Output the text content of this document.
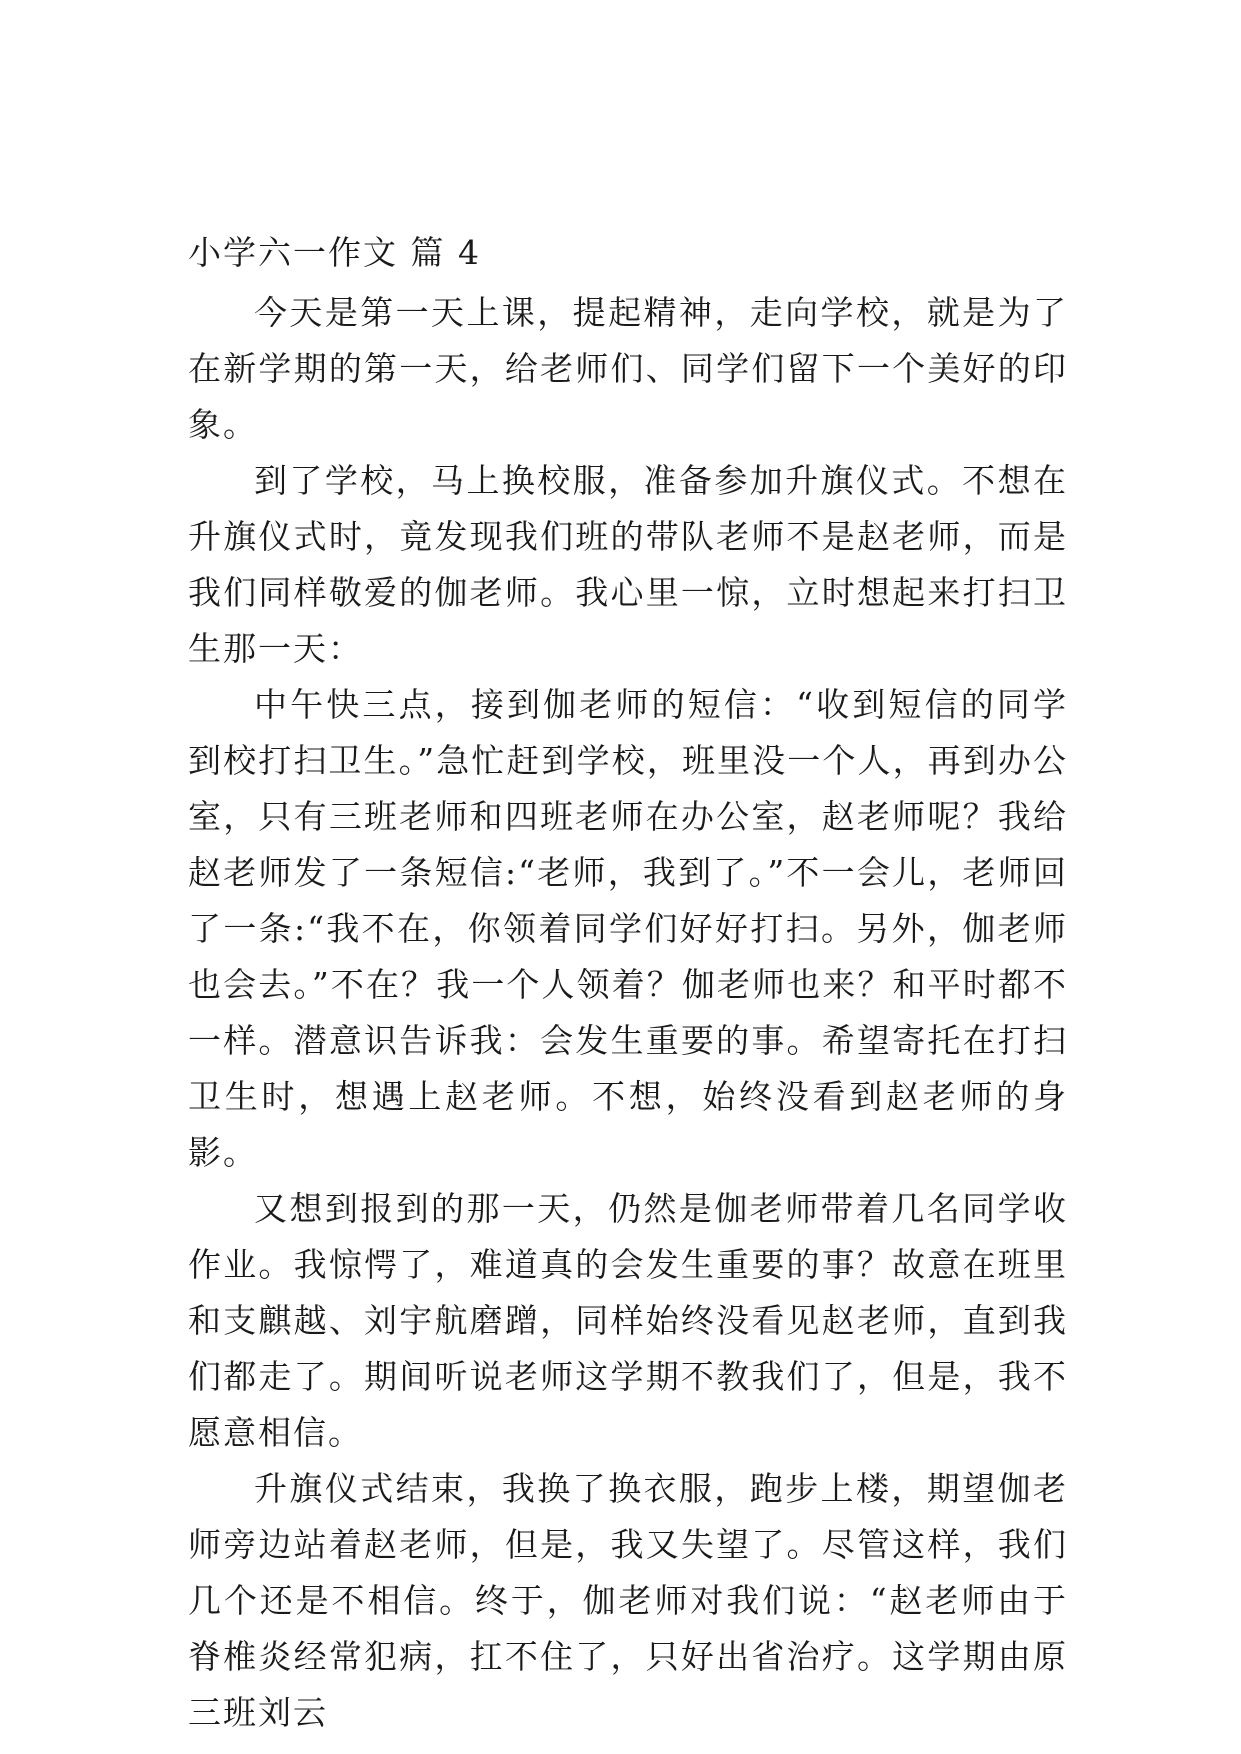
小学六一作文 篇 4

今天是第一天上课，提起精神，走向学校，就是为了在新学期的第一天，给老师们、同学们留下一个美好的印象。

到了学校，马上换校服，准备参加升旗仪式。不想在升旗仪式时，竟发现我们班的带队老师不是赵老师，而是我们同样敬爱的伽老师。我心里一惊，立时想起来打扫卫生那一天：

中午快三点，接到伽老师的短信：“收到短信的同学到校打扫卫生。”急忙赶到学校，班里没一个人，再到办公室，只有三班老师和四班老师在办公室，赵老师呢？我给赵老师发了一条短信:“老师，我到了。”不一会儿，老师回了一条:“我不在，你领着同学们好好打扫。另外，伽老师也会去。”不在？我一个人领着？伽老师也来？和平时都不一样。潜意识告诉我：会发生重要的事。希望寄托在打扫卫生时，想遇上赵老师。不想，始终没看到赵老师的身影。

又想到报到的那一天，仍然是伽老师带着几名同学收作业。我惊愕了，难道真的会发生重要的事？故意在班里和支麒越、刘宇航磨蹭，同样始终没看见赵老师，直到我们都走了。期间听说老师这学期不教我们了，但是，我不愿意相信。

升旗仪式结束，我换了换衣服，跑步上楼，期望伽老师旁边站着赵老师，但是，我又失望了。尽管这样，我们几个还是不相信。终于，伽老师对我们说：“赵老师由于脊椎炎经常犯病，扛不住了，只好出省治疗。这学期由原三班刘云
